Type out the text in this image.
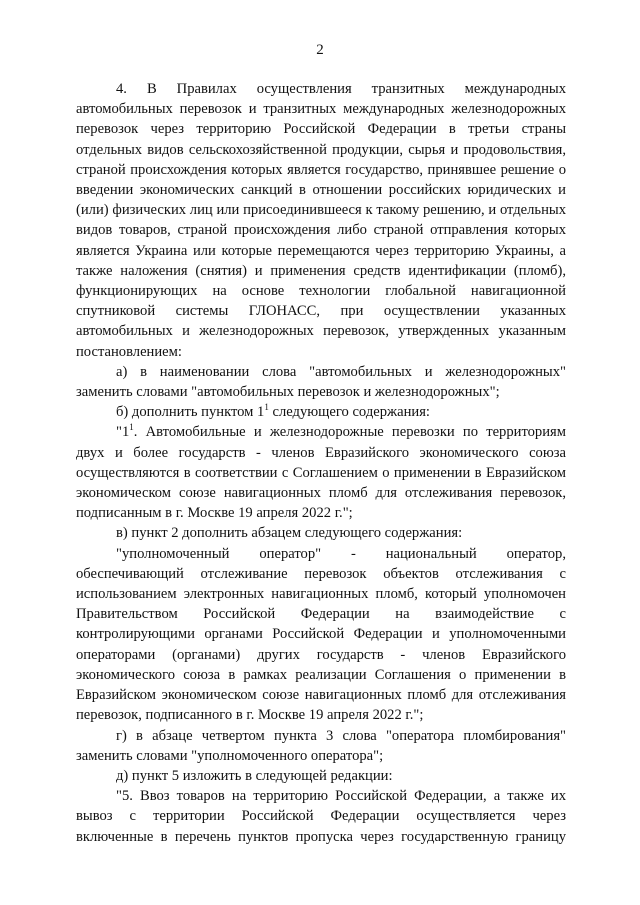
2

4. В Правилах осуществления транзитных международных автомобильных перевозок и транзитных международных железнодорожных перевозок через территорию Российской Федерации в третьи страны отдельных видов сельскохозяйственной продукции, сырья и продовольствия, страной происхождения которых является государство, принявшее решение о введении экономических санкций в отношении российских юридических и (или) физических лиц или присоединившееся к такому решению, и отдельных видов товаров, страной происхождения либо страной отправления которых является Украина или которые перемещаются через территорию Украины, а также наложения (снятия) и применения средств идентификации (пломб), функционирующих на основе технологии глобальной навигационной спутниковой системы ГЛОНАСС, при осуществлении указанных автомобильных и железнодорожных перевозок, утвержденных указанным постановлением:

а) в наименовании слова "автомобильных и железнодорожных" заменить словами "автомобильных перевозок и железнодорожных";

б) дополнить пунктом $1^1$ следующего содержания:

"$1^1$. Автомобильные и железнодорожные перевозки по территориям двух и более государств - членов Евразийского экономического союза осуществляются в соответствии с Соглашением о применении в Евразийском экономическом союзе навигационных пломб для отслеживания перевозок, подписанным в г. Москве 19 апреля 2022 г.";

в) пункт 2 дополнить абзацем следующего содержания:

"уполномоченный оператор" - национальный оператор, обеспечивающий отслеживание перевозок объектов отслеживания с использованием электронных навигационных пломб, который уполномочен Правительством Российской Федерации на взаимодействие с контролирующими органами Российской Федерации и уполномоченными операторами (органами) других государств - членов Евразийского экономического союза в рамках реализации Соглашения о применении в Евразийском экономическом союзе навигационных пломб для отслеживания перевозок, подписанного в г. Москве 19 апреля 2022 г.";

г) в абзаце четвертом пункта 3 слова "оператора пломбирования" заменить словами "уполномоченного оператора";

д) пункт 5 изложить в следующей редакции:

"5. Ввоз товаров на территорию Российской Федерации, а также их вывоз с территории Российской Федерации осуществляется через включенные в перечень пунктов пропуска через государственную границу
